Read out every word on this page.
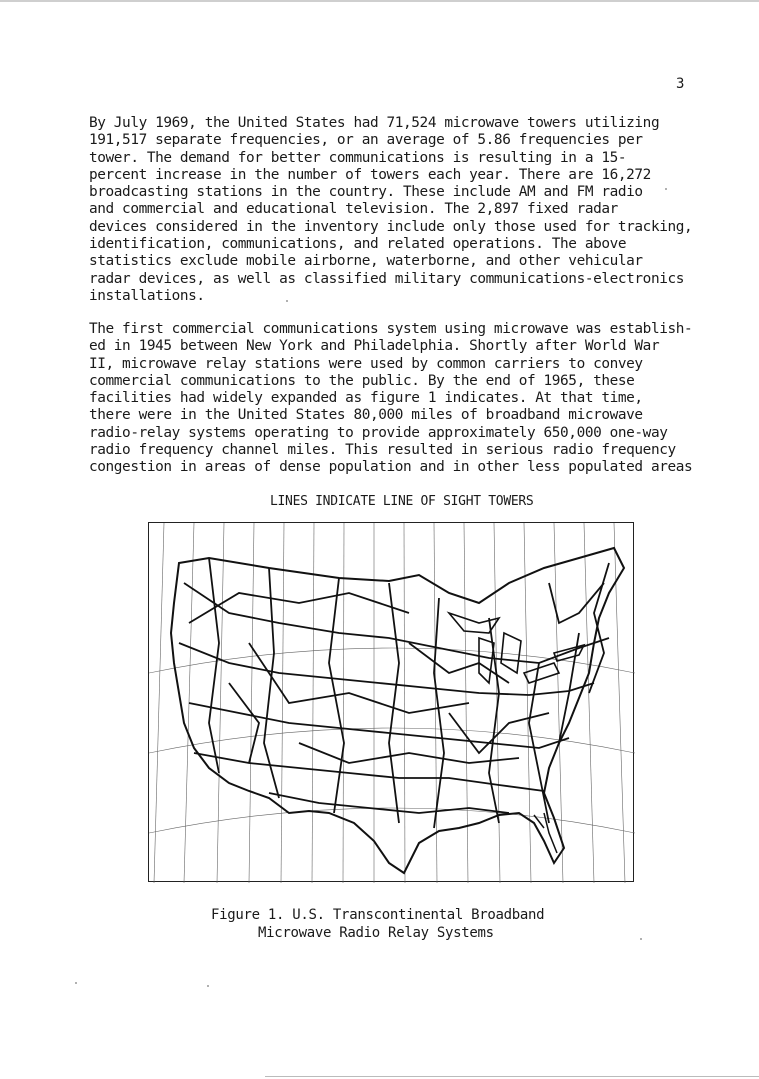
3

By July 1969, the United States had 71,524 microwave towers utilizing
191,517 separate frequencies, or an average of 5.86 frequencies per
tower. The demand for better communications is resulting in a 15-
percent increase in the number of towers each year. There are 16,272
broadcasting stations in the country. These include AM and FM radio
and commercial and educational television. The 2,897 fixed radar
devices considered in the inventory include only those used for tracking,
identification, communications, and related operations. The above
statistics exclude mobile airborne, waterborne, and other vehicular
radar devices, as well as classified military communications-electronics
installations.

The first commercial communications system using microwave was establish-
ed in 1945 between New York and Philadelphia. Shortly after World War
II, microwave relay stations were used by common carriers to convey
commercial communications to the public. By the end of 1965, these
facilities had widely expanded as figure 1 indicates. At that time,
there were in the United States 80,000 miles of broadband microwave
radio-relay systems operating to provide approximately 650,000 one-way
radio frequency channel miles. This resulted in serious radio frequency
congestion in areas of dense population and in other less populated areas

LINES INDICATE LINE OF SIGHT TOWERS
Figure 1. U.S. Transcontinental Broadband
Microwave Radio Relay Systems
